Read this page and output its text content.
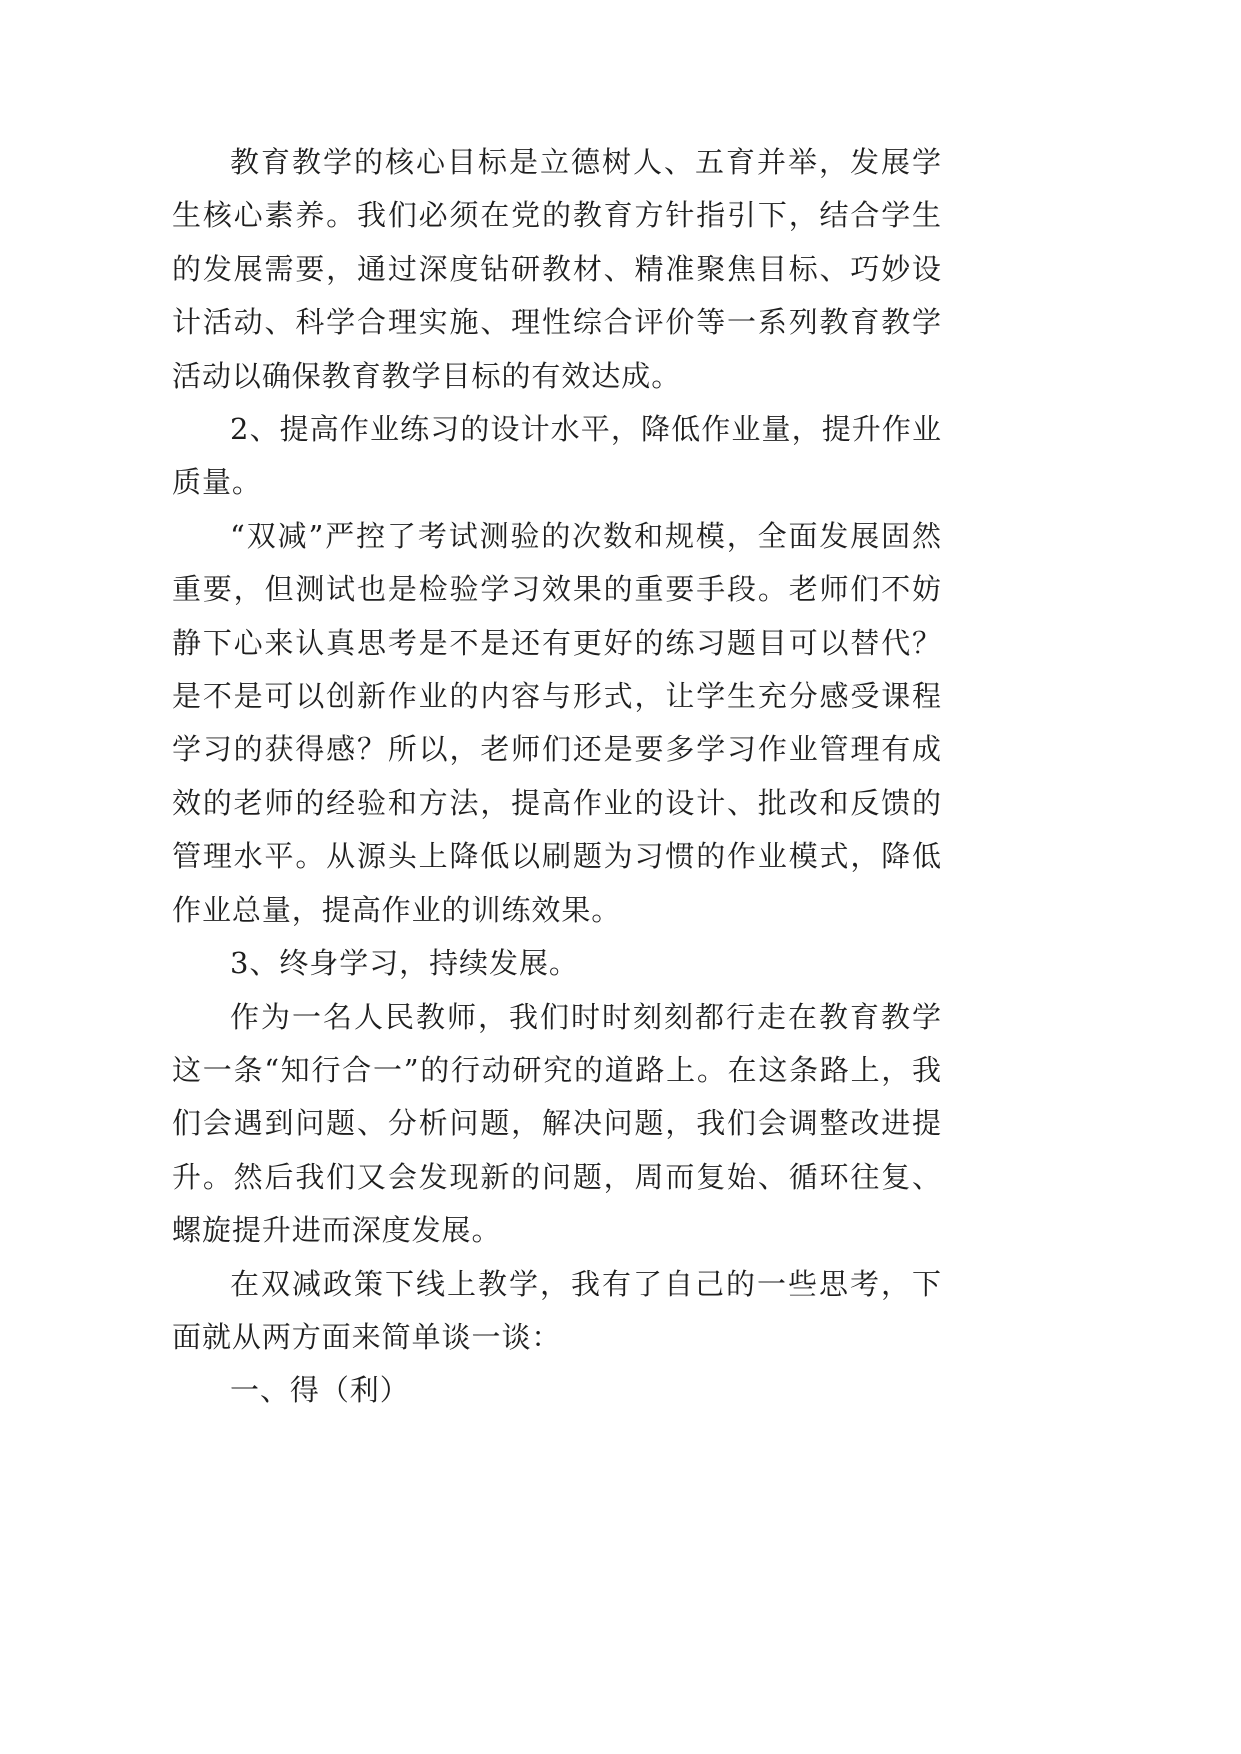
教育教学的核心目标是立德树人、五育并举，发展学生核心素养。我们必须在党的教育方针指引下，结合学生的发展需要，通过深度钻研教材、精准聚焦目标、巧妙设计活动、科学合理实施、理性综合评价等一系列教育教学活动以确保教育教学目标的有效达成。

2、提高作业练习的设计水平，降低作业量，提升作业质量。

“双减”严控了考试测验的次数和规模，全面发展固然重要，但测试也是检验学习效果的重要手段。老师们不妨静下心来认真思考是不是还有更好的练习题目可以替代？是不是可以创新作业的内容与形式，让学生充分感受课程学习的获得感？所以，老师们还是要多学习作业管理有成效的老师的经验和方法，提高作业的设计、批改和反馈的管理水平。从源头上降低以刷题为习惯的作业模式，降低作业总量，提高作业的训练效果。

3、终身学习，持续发展。

作为一名人民教师，我们时时刻刻都行走在教育教学这一条“知行合一”的行动研究的道路上。在这条路上，我们会遇到问题、分析问题，解决问题，我们会调整改进提升。然后我们又会发现新的问题，周而复始、循环往复、螺旋提升进而深度发展。

在双减政策下线上教学，我有了自己的一些思考，下面就从两方面来简单谈一谈：

一、得（利）
